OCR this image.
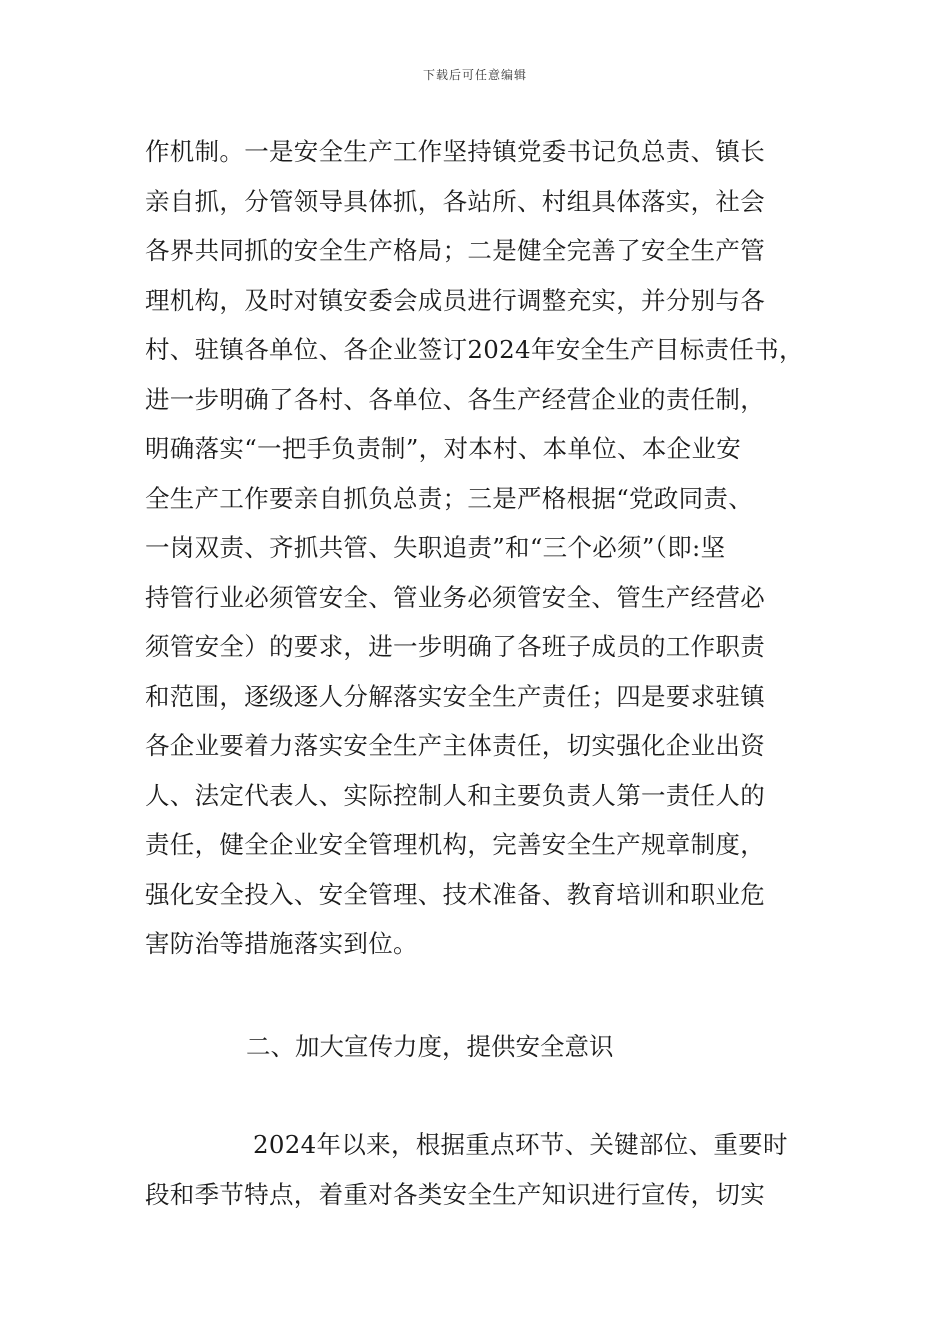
下载后可任意编辑
作机制。一是安全生产工作坚持镇党委书记负总责、镇长
亲自抓，分管领导具体抓，各站所、村组具体落实，社会
各界共同抓的安全生产格局；二是健全完善了安全生产管
理机构，及时对镇安委会成员进行调整充实，并分别与各
村、驻镇各单位、各企业签订2024年安全生产目标责任书，
进一步明确了各村、各单位、各生产经营企业的责任制，
明确落实“一把手负责制”，对本村、本单位、本企业安
全生产工作要亲自抓负总责；三是严格根据“党政同责、
一岗双责、齐抓共管、失职追责”和“三个必须”（即:坚
持管行业必须管安全、管业务必须管安全、管生产经营必
须管安全）的要求，进一步明确了各班子成员的工作职责
和范围，逐级逐人分解落实安全生产责任；四是要求驻镇
各企业要着力落实安全生产主体责任，切实强化企业出资
人、法定代表人、实际控制人和主要负责人第一责任人的
责任，健全企业安全管理机构，完善安全生产规章制度，
强化安全投入、安全管理、技术准备、教育培训和职业危
害防治等措施落实到位。
二、加大宣传力度，提供安全意识
2024年以来，根据重点环节、关键部位、重要时
段和季节特点，着重对各类安全生产知识进行宣传，切实
